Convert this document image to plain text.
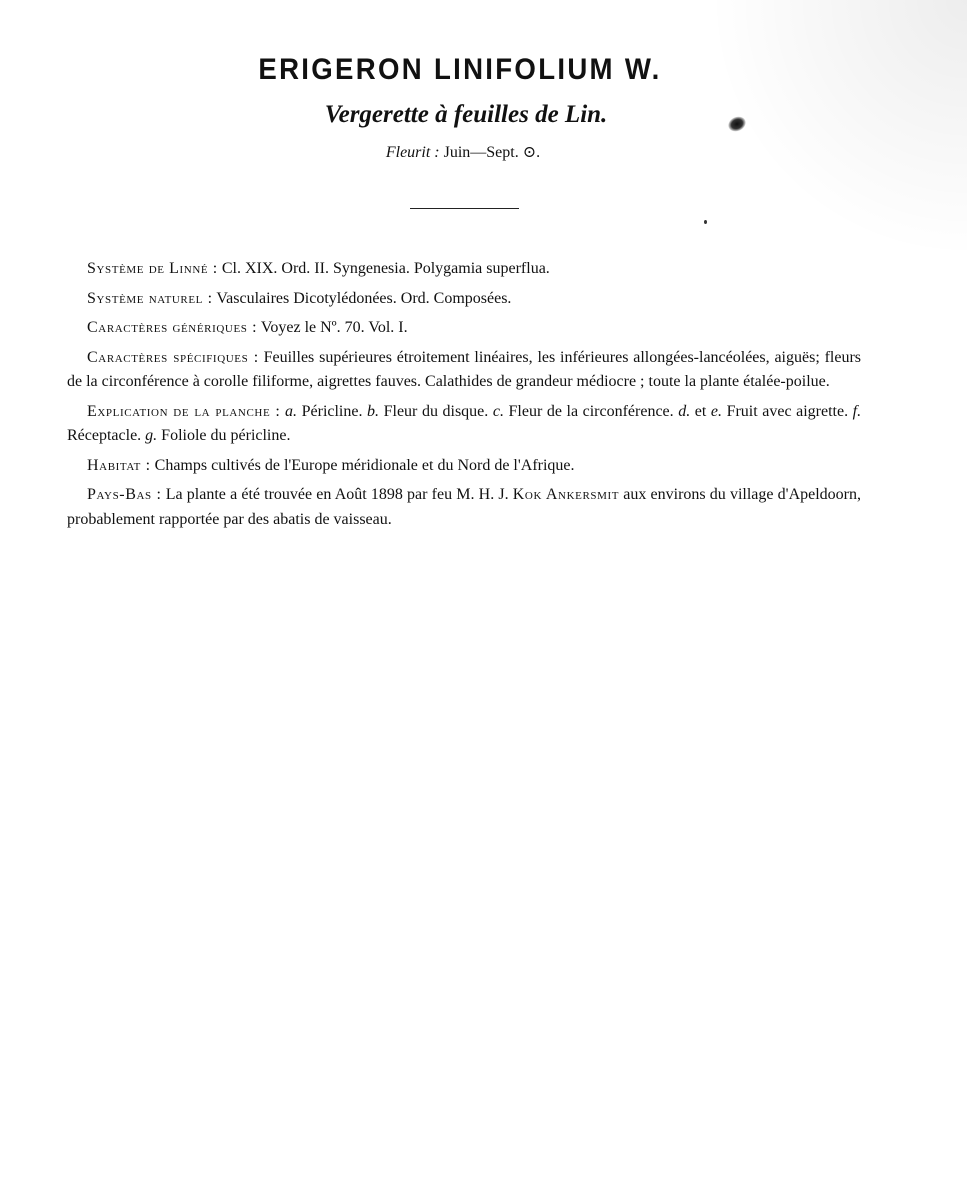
ERIGERON LINIFOLIUM W.

Vergerette à feuilles de Lin.

Fleurit : Juin—Sept. ⊙.

Système de Linné : Cl. XIX. Ord. II. Syngenesia. Polygamia superflua.

Système naturel : Vasculaires Dicotylédonées. Ord. Composées.

Caractères génériques : Voyez le Nº. 70. Vol. I.

Caractères spécifiques : Feuilles supérieures étroitement linéaires, les inférieures allongées-lancéolées, aiguës; fleurs de la circonférence à corolle filiforme, aigrettes fauves. Calathides de grandeur médiocre ; toute la plante étalée-poilue.

Explication de la planche : a. Péricline. b. Fleur du disque. c. Fleur de la circonférence. d. et e. Fruit avec aigrette. f. Réceptacle. g. Foliole du péricline.

Habitat : Champs cultivés de l'Europe méridionale et du Nord de l'Afrique.

Pays-Bas : La plante a été trouvée en Août 1898 par feu M. H. J. Kok Ankersmit aux environs du village d'Apeldoorn, probablement rapportée par des abatis de vaisseau.
